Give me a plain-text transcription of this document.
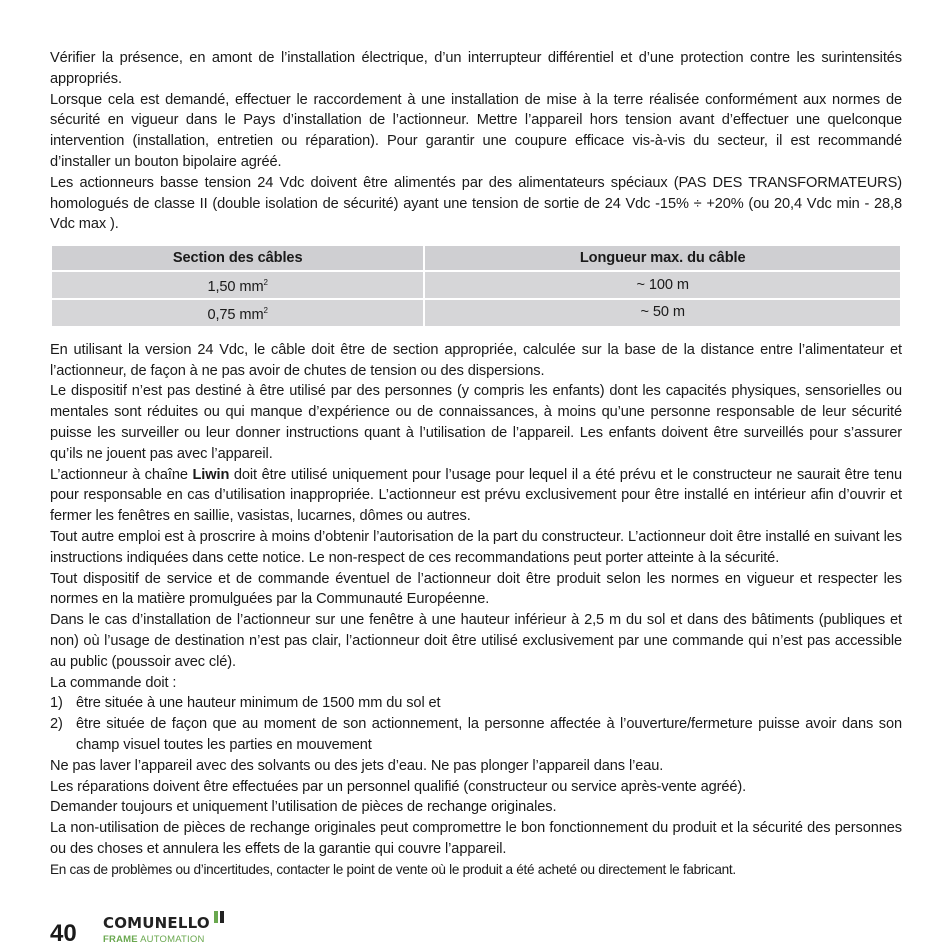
Vérifier la présence, en amont de l’installation électrique, d’un interrupteur différentiel et d’une protection contre les surintensités appropriés.

Lorsque cela est demandé, effectuer le raccordement à une installation de mise à la terre réalisée conformément aux normes de sécurité en vigueur dans le Pays d’installation de l’actionneur. Mettre l’appareil hors tension avant d’effectuer une quelconque intervention (installation, entretien ou réparation). Pour garantir une coupure efficace vis-à-vis du secteur, il est recommandé d’installer un bouton bipolaire agréé.

Les actionneurs basse tension 24 Vdc doivent être alimentés par des alimentateurs spéciaux (PAS DES TRANSFORMATEURS) homologués de classe II (double isolation de sécurité) ayant une tension de sortie de 24 Vdc -15% ÷ +20% (ou 20,4 Vdc min - 28,8 Vdc max ).

Section des câbles	Longueur max. du câble
1,50 $mm^2$	~ 100 m
0,75 $mm^2$	~ 50 m

En utilisant la version 24 Vdc, le câble doit être de section appropriée, calculée sur la base de la distance entre l’alimentateur et l’actionneur, de façon à ne pas avoir de chutes de tension ou des dispersions.

Le dispositif n’est pas destiné à être utilisé par des personnes (y compris les enfants) dont les capacités physiques, sensorielles ou mentales sont réduites ou qui manque d’expérience ou de connaissances, à moins qu’une personne responsable de leur sécurité puisse les surveiller ou leur donner instructions quant à l’utilisation de l’appareil. Les enfants doivent être surveillés pour s’assurer qu’ils ne jouent pas avec l’appareil.

L’actionneur à chaîne Liwin doit être utilisé uniquement pour l’usage pour lequel il a été prévu et le constructeur ne saurait être tenu pour responsable en cas d’utilisation inappropriée. L’actionneur est prévu exclusivement pour être installé en intérieur afin d’ouvrir et fermer les fenêtres en saillie, vasistas, lucarnes, dômes ou autres.

Tout autre emploi est à proscrire à moins d’obtenir l’autorisation de la part du constructeur. L’actionneur doit être installé en suivant les instructions indiquées dans cette notice. Le non-respect de ces recommandations peut porter atteinte à la sécurité.

Tout dispositif de service et de commande éventuel de l’actionneur doit être produit selon les normes en vigueur et respecter les normes en la matière promulguées par la Communauté Européenne.

Dans le cas d’installation de l’actionneur sur une fenêtre à une hauteur inférieur à 2,5 m du sol et dans des bâtiments (publiques et non) où l’usage de destination n’est pas clair, l’actionneur doit être utilisé exclusivement par une commande qui n’est pas accessible au public (poussoir avec clé).

La commande doit :

1) être située à une hauteur minimum de 1500 mm du sol et
2) être située de façon que au moment de son actionnement, la personne affectée à l’ouverture/fermeture puisse avoir dans son champ visuel toutes les parties en mouvement

Ne pas laver l’appareil avec des solvants ou des jets d’eau. Ne pas plonger l’appareil dans l’eau.

Les réparations doivent être effectuées par un personnel qualifié (constructeur ou service après-vente agréé).

Demander toujours et uniquement l’utilisation de pièces de rechange originales.

La non-utilisation de pièces de rechange originales peut compromettre le bon fonctionnement du produit et la sécurité des personnes ou des choses et annulera les effets de la garantie qui couvre l’appareil.

En cas de problèmes ou d’incertitudes, contacter le point de vente où le produit a été acheté ou directement le fabricant.

40 COMUNELLO
FRAME AUTOMATION
